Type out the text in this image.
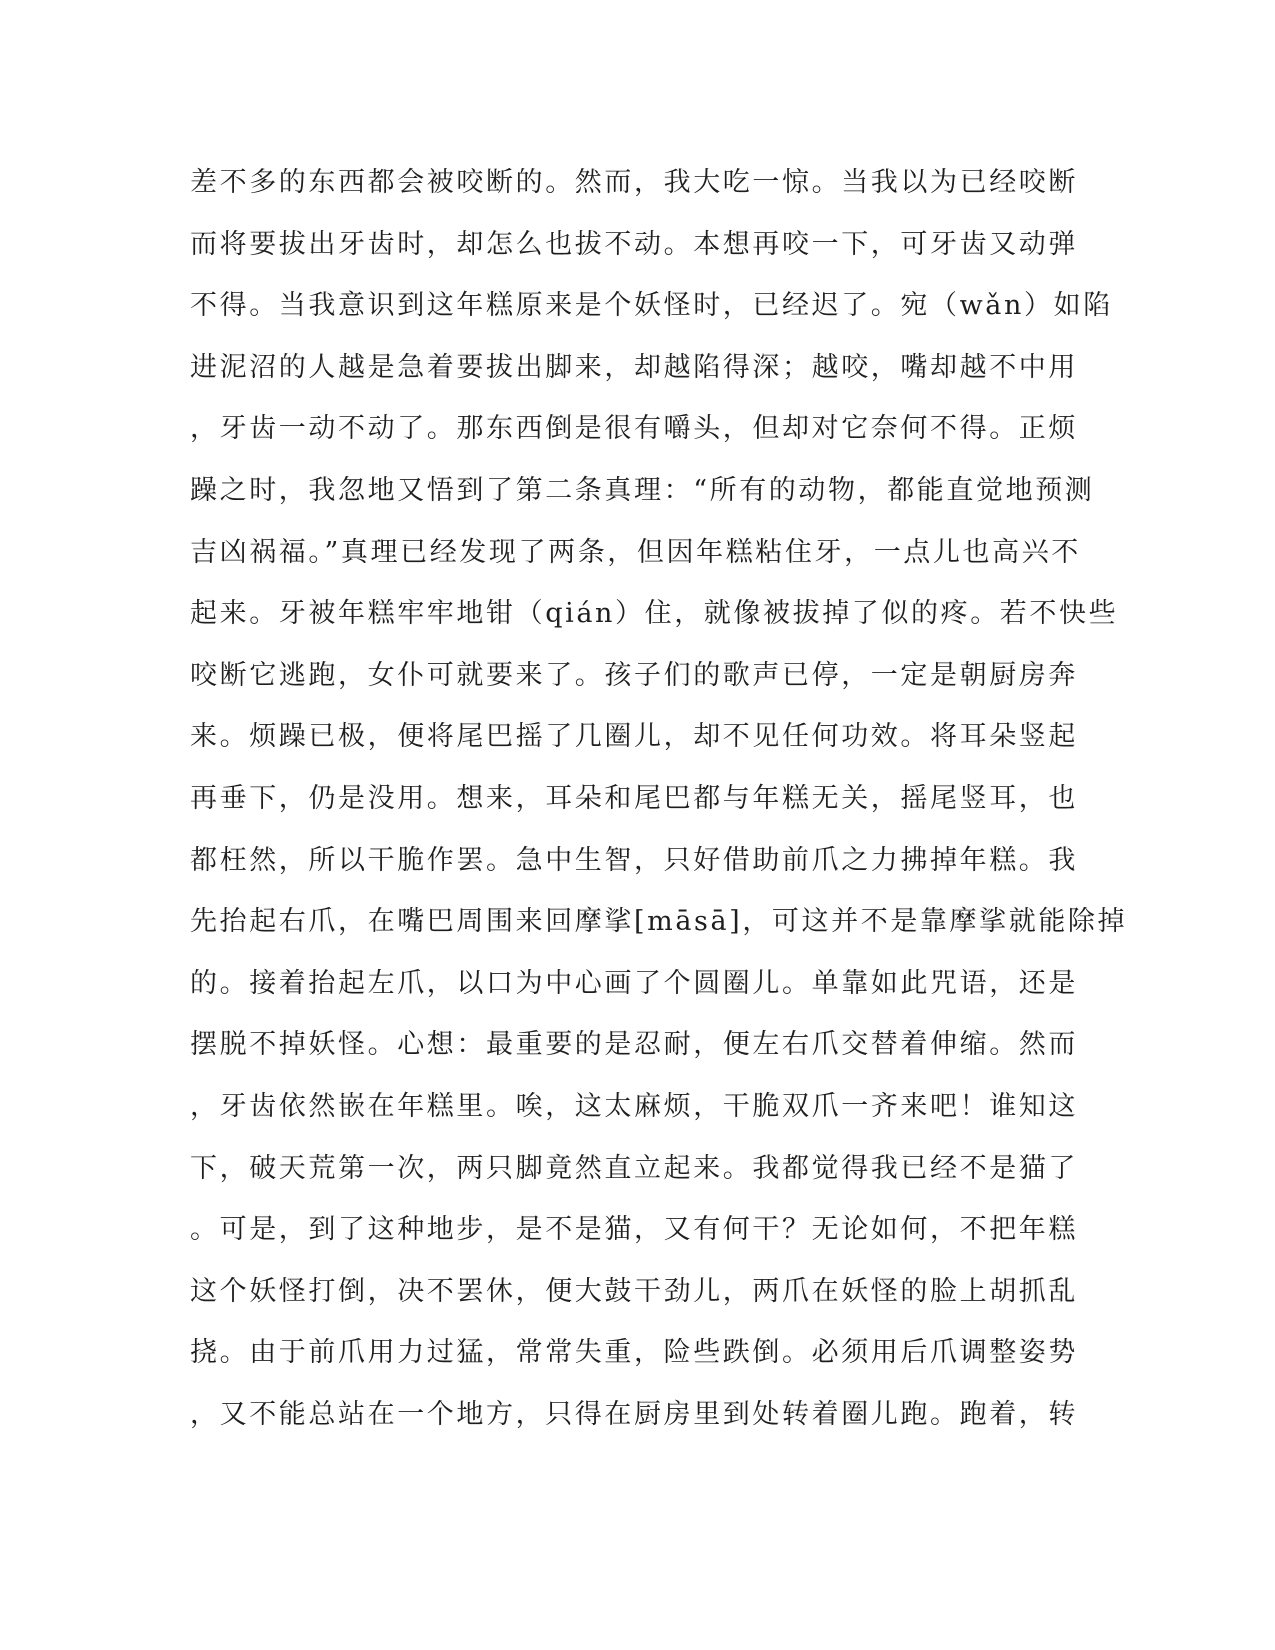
差不多的东西都会被咬断的。然而，我大吃一惊。当我以为已经咬断
而将要拔出牙齿时，却怎么也拔不动。本想再咬一下，可牙齿又动弹
不得。当我意识到这年糕原来是个妖怪时，已经迟了。宛（wǎn）如陷
进泥沼的人越是急着要拔出脚来，却越陷得深；越咬，嘴却越不中用
，牙齿一动不动了。那东西倒是很有嚼头，但却对它奈何不得。正烦
躁之时，我忽地又悟到了第二条真理：“所有的动物，都能直觉地预测
吉凶祸福。”真理已经发现了两条，但因年糕粘住牙，一点儿也高兴不
起来。牙被年糕牢牢地钳（qián）住，就像被拔掉了似的疼。若不快些
咬断它逃跑，女仆可就要来了。孩子们的歌声已停，一定是朝厨房奔
来。烦躁已极，便将尾巴摇了几圈儿，却不见任何功效。将耳朵竖起
再垂下，仍是没用。想来，耳朵和尾巴都与年糕无关，摇尾竖耳，也
都枉然，所以干脆作罢。急中生智，只好借助前爪之力拂掉年糕。我
先抬起右爪，在嘴巴周围来回摩挲[māsā]，可这并不是靠摩挲就能除掉
的。接着抬起左爪，以口为中心画了个圆圈儿。单靠如此咒语，还是
摆脱不掉妖怪。心想：最重要的是忍耐，便左右爪交替着伸缩。然而
，牙齿依然嵌在年糕里。唉，这太麻烦，干脆双爪一齐来吧！谁知这
下，破天荒第一次，两只脚竟然直立起来。我都觉得我已经不是猫了
。可是，到了这种地步，是不是猫，又有何干？无论如何，不把年糕
这个妖怪打倒，决不罢休，便大鼓干劲儿，两爪在妖怪的脸上胡抓乱
挠。由于前爪用力过猛，常常失重，险些跌倒。必须用后爪调整姿势
，又不能总站在一个地方，只得在厨房里到处转着圈儿跑。跑着，转
